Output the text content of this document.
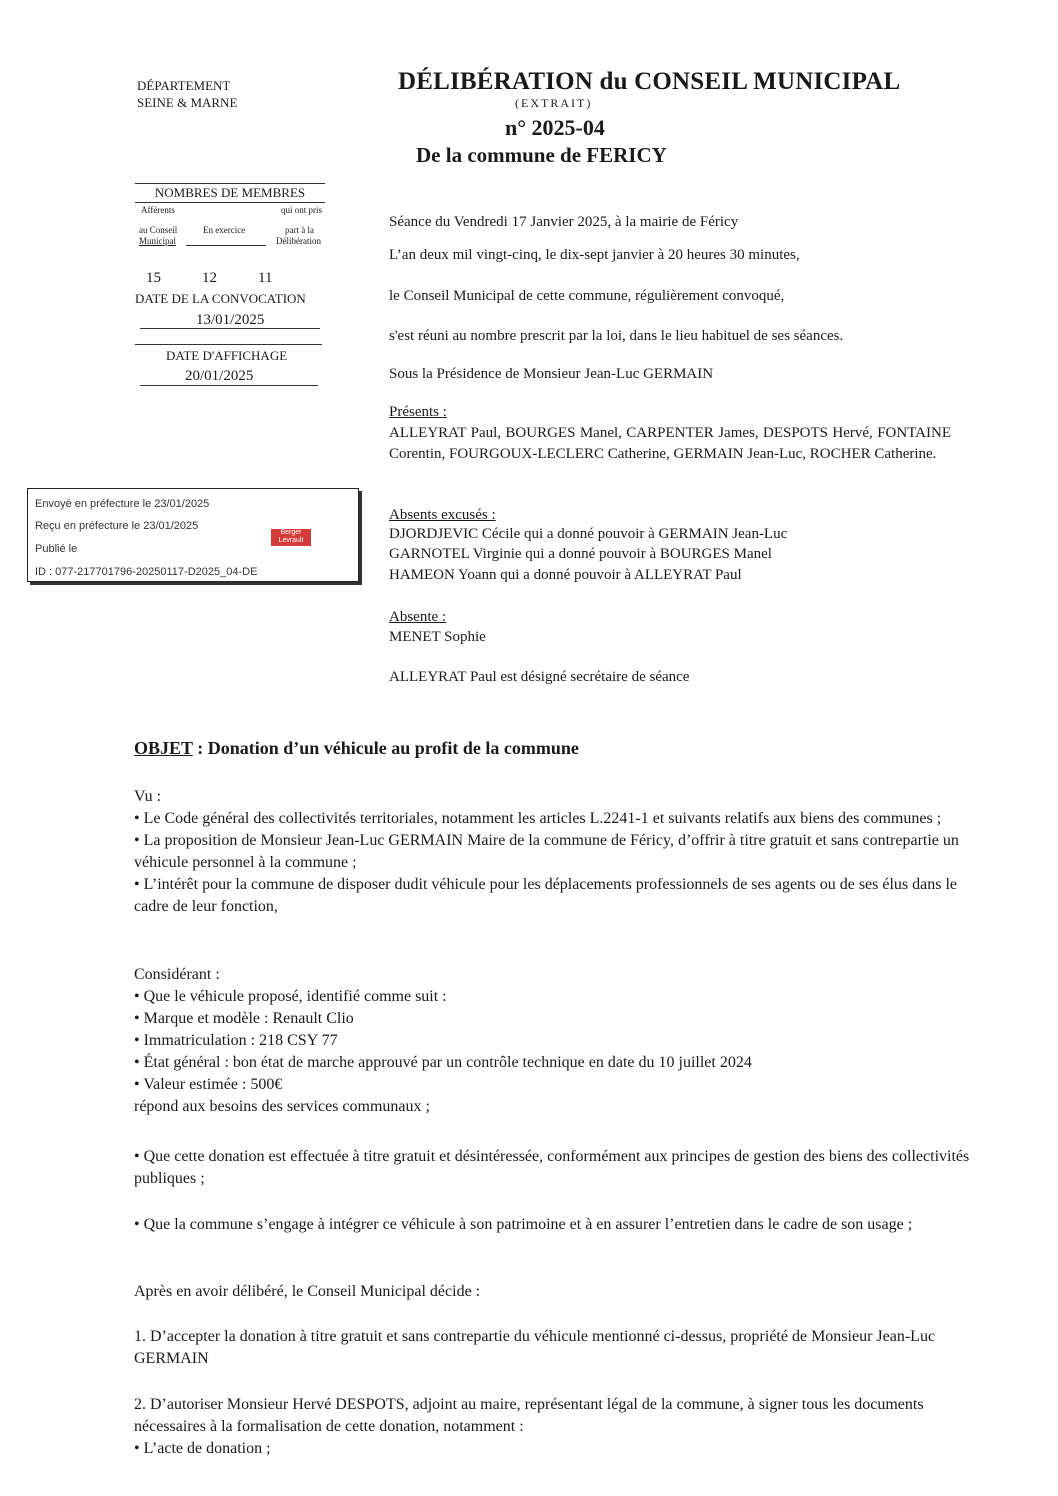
DÉPARTEMENT
SEINE & MARNE
DÉLIBÉRATION du CONSEIL MUNICIPAL
(EXTRAIT)
n° 2025-04
De la commune de FERICY
NOMBRES DE MEMBRES
Afférents
au Conseil
Municipal
En exercice
qui ont pris
part à la
Délibération
15	12	11
DATE DE LA CONVOCATION
13/01/2025
DATE D'AFFICHAGE
20/01/2025
Envoyé en préfecture le 23/01/2025
Reçu en préfecture le 23/01/2025
Publié le
ID : 077-217701796-20250117-D2025_04-DE
Berger
Levrault
Séance du Vendredi 17 Janvier 2025, à la mairie de Féricy
L’an deux mil vingt-cinq, le dix-sept janvier à 20 heures 30 minutes,
le Conseil Municipal de cette commune, régulièrement convoqué,
s'est réuni au nombre prescrit par la loi, dans le lieu habituel de ses séances.
Sous la Présidence de Monsieur Jean-Luc GERMAIN
Présents :
ALLEYRAT Paul, BOURGES Manel, CARPENTER James, DESPOTS Hervé, FONTAINE Corentin, FOURGOUX-LECLERC Catherine, GERMAIN Jean-Luc, ROCHER Catherine.
Absents excusés :
DJORDJEVIC Cécile qui a donné pouvoir à GERMAIN Jean-Luc
GARNOTEL Virginie qui a donné pouvoir à BOURGES Manel
HAMEON Yoann qui a donné pouvoir à ALLEYRAT Paul
Absente :
MENET Sophie
ALLEYRAT Paul est désigné secrétaire de séance
OBJET : Donation d’un véhicule au profit de la commune

Vu :

• Le Code général des collectivités territoriales, notamment les articles L.2241-1 et suivants relatifs aux biens des communes ;

• La proposition de Monsieur Jean-Luc GERMAIN Maire de la commune de Féricy, d’offrir à titre gratuit et sans contrepartie un véhicule personnel à la commune ;

• L’intérêt pour la commune de disposer dudit véhicule pour les déplacements professionnels de ses agents ou de ses élus dans le cadre de leur fonction,

Considérant :

• Que le véhicule proposé, identifié comme suit :

• Marque et modèle : Renault Clio

• Immatriculation : 218 CSY 77

• État général : bon état de marche approuvé par un contrôle technique en date du 10 juillet 2024

• Valeur estimée : 500€

répond aux besoins des services communaux ;

• Que cette donation est effectuée à titre gratuit et désintéressée, conformément aux principes de gestion des biens des collectivités publiques ;
• Que la commune s’engage à intégrer ce véhicule à son patrimoine et à en assurer l’entretien dans le cadre de son usage ;
Après en avoir délibéré, le Conseil Municipal décide :
1. D’accepter la donation à titre gratuit et sans contrepartie du véhicule mentionné ci-dessus, propriété de Monsieur Jean-Luc GERMAIN
2. D’autoriser Monsieur Hervé DESPOTS, adjoint au maire, représentant légal de la commune, à signer tous les documents nécessaires à la formalisation de cette donation, notamment :
• L’acte de donation ;
